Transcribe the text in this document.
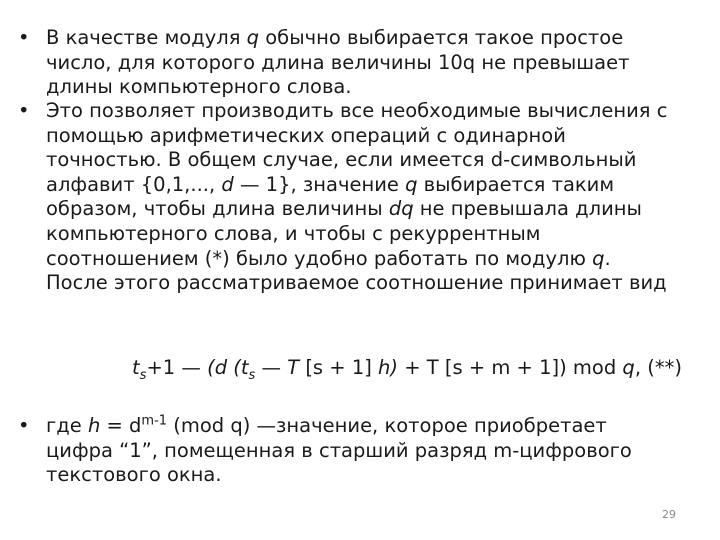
• В качестве модуля q обычно выбирается такое простое число, для которого длина величины 10q не превышает длины компьютерного слова.
• Это позволяет производить все необходимые вычисления с помощью арифметических операций с одинарной точностью. В общем случае, если имеется d-символьный алфавит {0,1,..., d — 1}, значение q выбирается таким образом, чтобы длина величины dq не превышала длины компьютерного слова, и чтобы с рекуррентным соотношением (*) было удобно работать по модулю q. После этого рассматриваемое соотношение принимает вид
$t_s+1$ — (d ($t_s$ — T [s + 1] h) + T [s + m + 1]) mod q, (**)
• где $h = d^{m-1}$ (mod q) —значение, которое приобретает цифра “1”, помещенная в старший разряд m-цифрового текстового окна.
29
